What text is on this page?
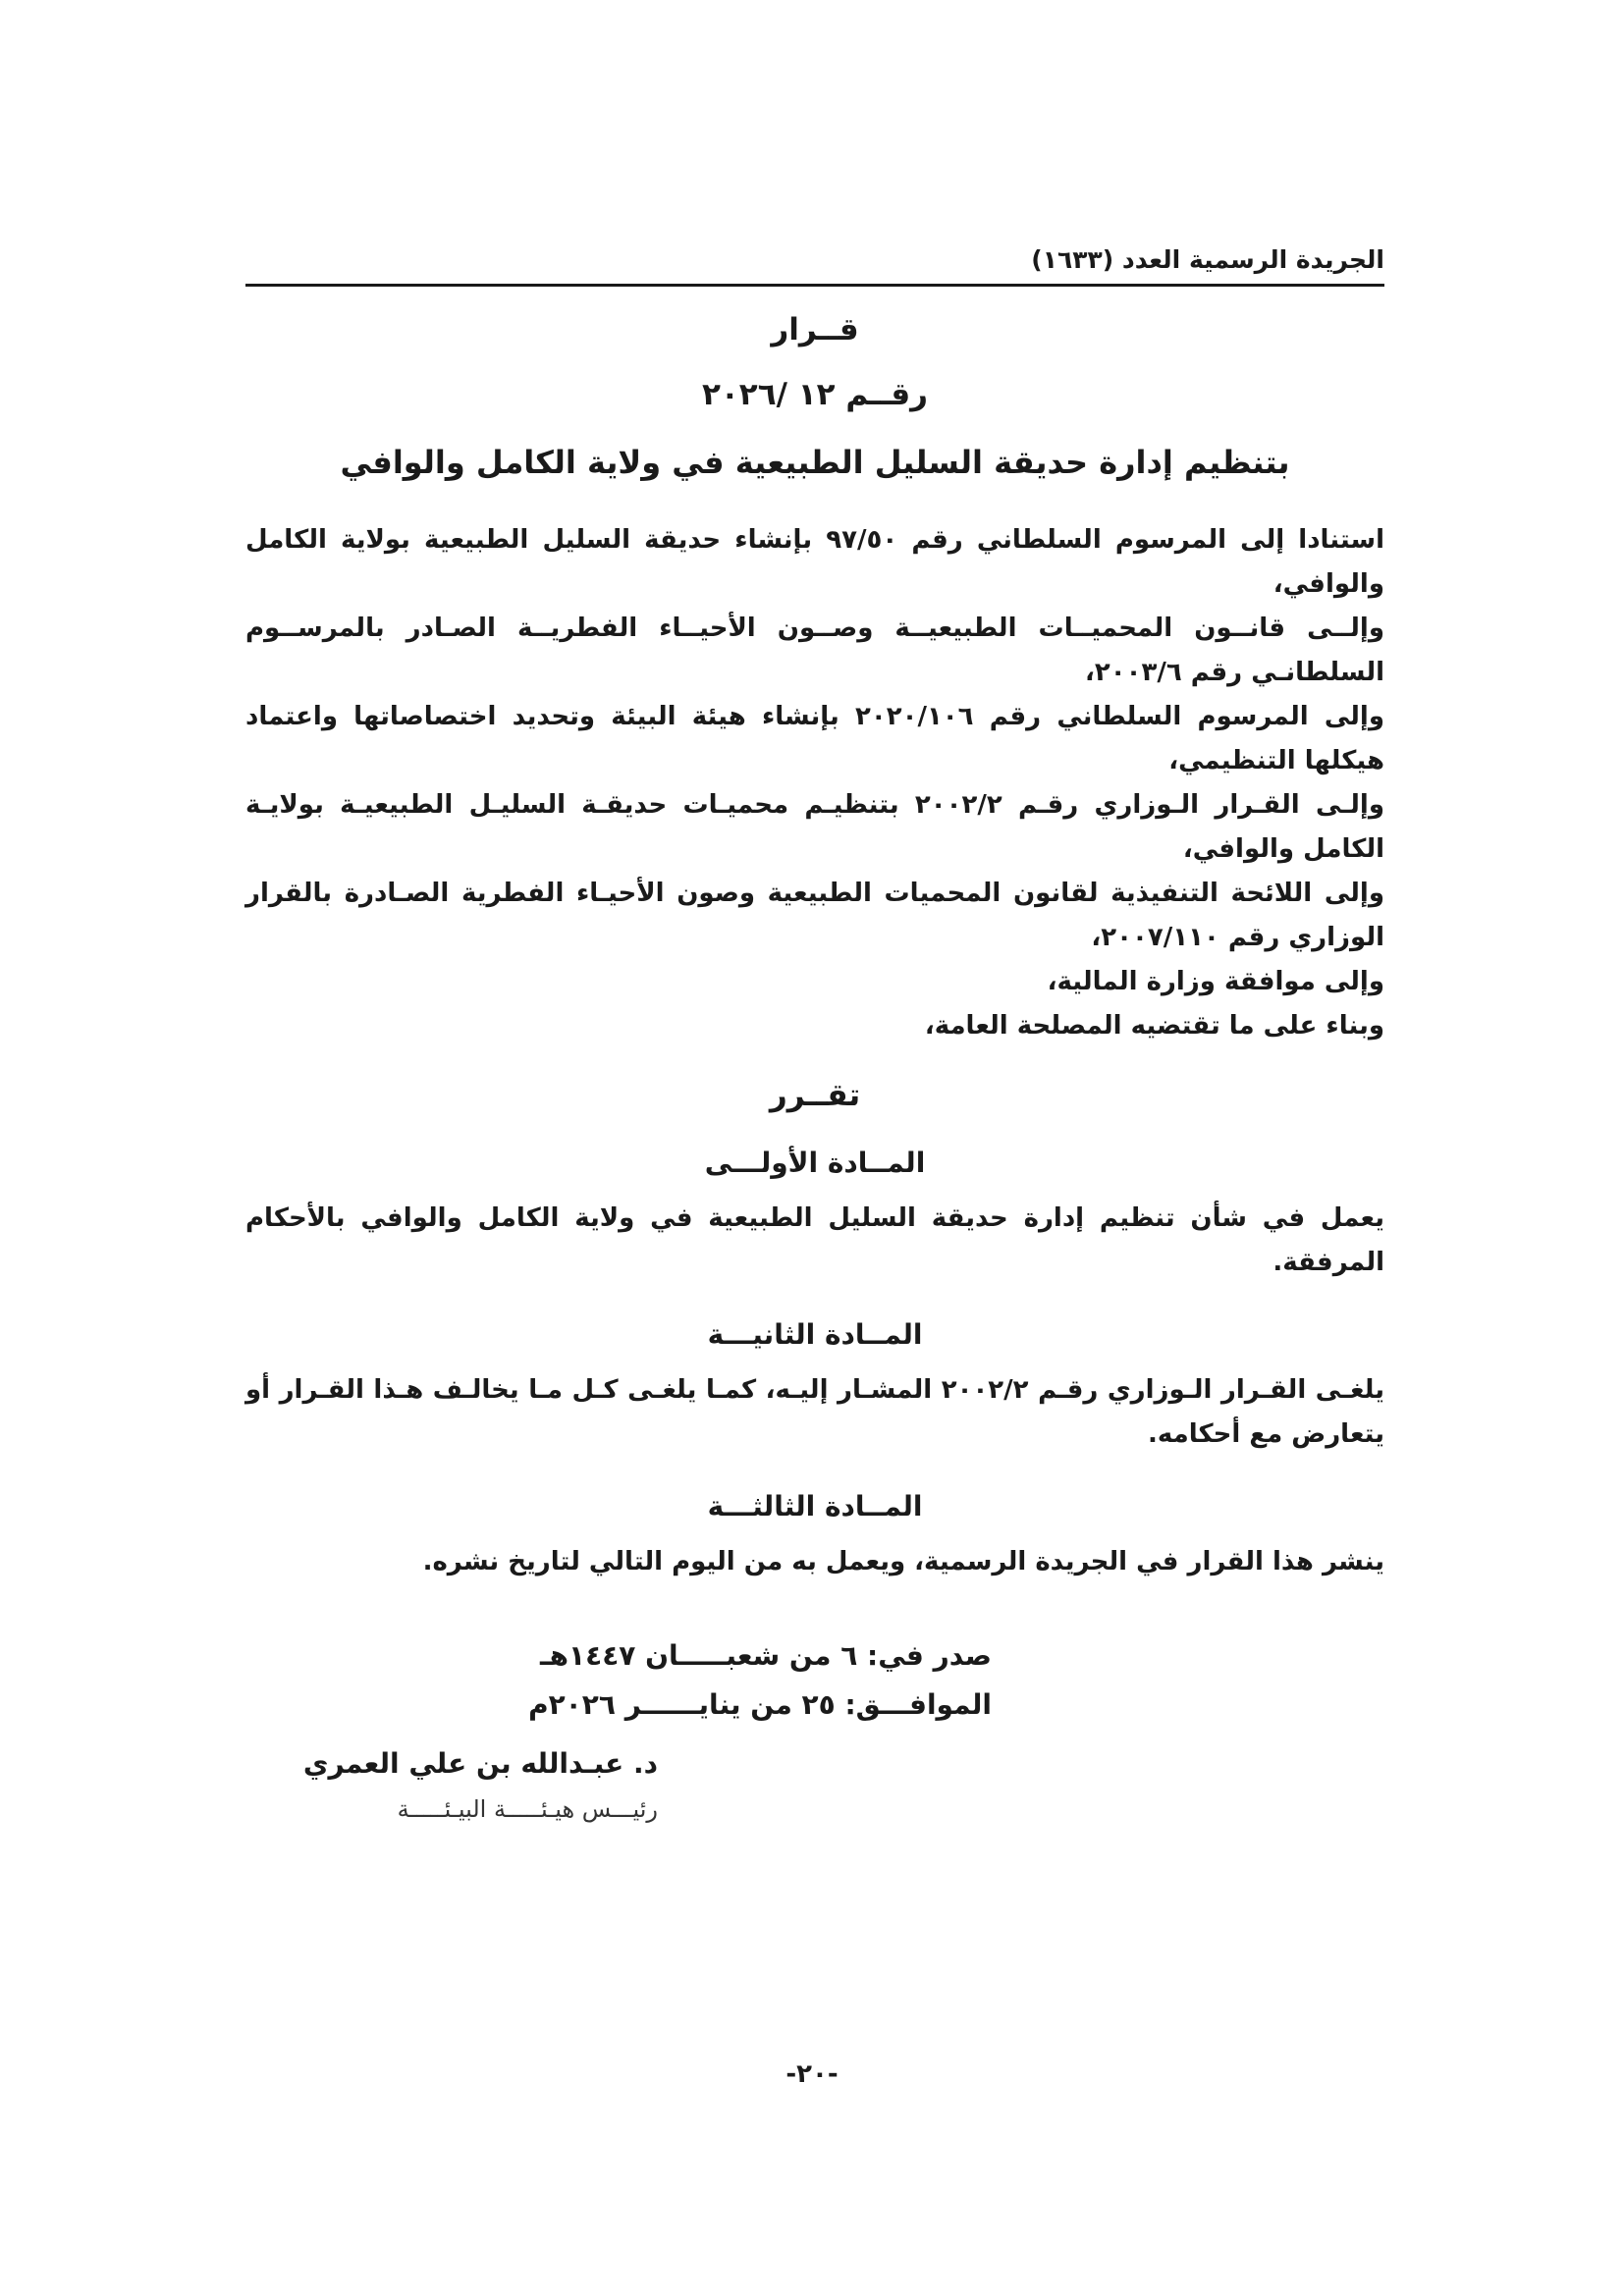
الجريدة الرسمية العدد (١٦٣٣)
قــرار
رقــم ١٢ /٢٠٢٦
بتنظيم إدارة حديقة السليل الطبيعية في ولاية الكامل والوافي

استنادا إلى المرسوم السلطاني رقم ٩٧/٥٠ بإنشاء حديقة السليل الطبيعية بولاية الكامل والوافي،

وإلــى قانــون المحميــات الطبيعيــة وصــون الأحيــاء الفطريــة الصـادر بالمرســوم السلطانـي رقم ٢٠٠٣/٦،

وإلى المرسوم السلطاني رقم ٢٠٢٠/١٠٦ بإنشاء هيئة البيئة وتحديد اختصاصاتها واعتماد هيكلها التنظيمي،

وإلـى القـرار الـوزاري رقـم ٢٠٠٢/٢ بتنظيـم محميـات حديقـة السليـل الطبيعيـة بولايـة الكامل والوافي،

وإلى اللائحة التنفيذية لقانون المحميات الطبيعية وصون الأحيـاء الفطرية الصـادرة بالقرار الوزاري رقم ٢٠٠٧/١١٠،

وإلى موافقة وزارة المالية،

وبناء على ما تقتضيه المصلحة العامة،

تقــرر
المــادة الأولـــى
يعمل في شأن تنظيم إدارة حديقة السليل الطبيعية في ولاية الكامل والوافي بالأحكام المرفقة.
المــادة الثانيـــة
يلغـى القـرار الـوزاري رقـم ٢٠٠٢/٢ المشـار إليـه، كمـا يلغـى كـل مـا يخالـف هـذا القـرار أو يتعارض مع أحكامه.
المــادة الثالثـــة
ينشر هذا القرار في الجريدة الرسمية، ويعمل به من اليوم التالي لتاريخ نشره.
صدر في: ٦ من شعبـــــان ١٤٤٧هـ
الموافـــق: ٢٥ من ينايــــــر ٢٠٢٦م
د. عبـدالله بن علي العمري
رئيـــس هيـئـــــة البيـئـــــة
-٢٠-
